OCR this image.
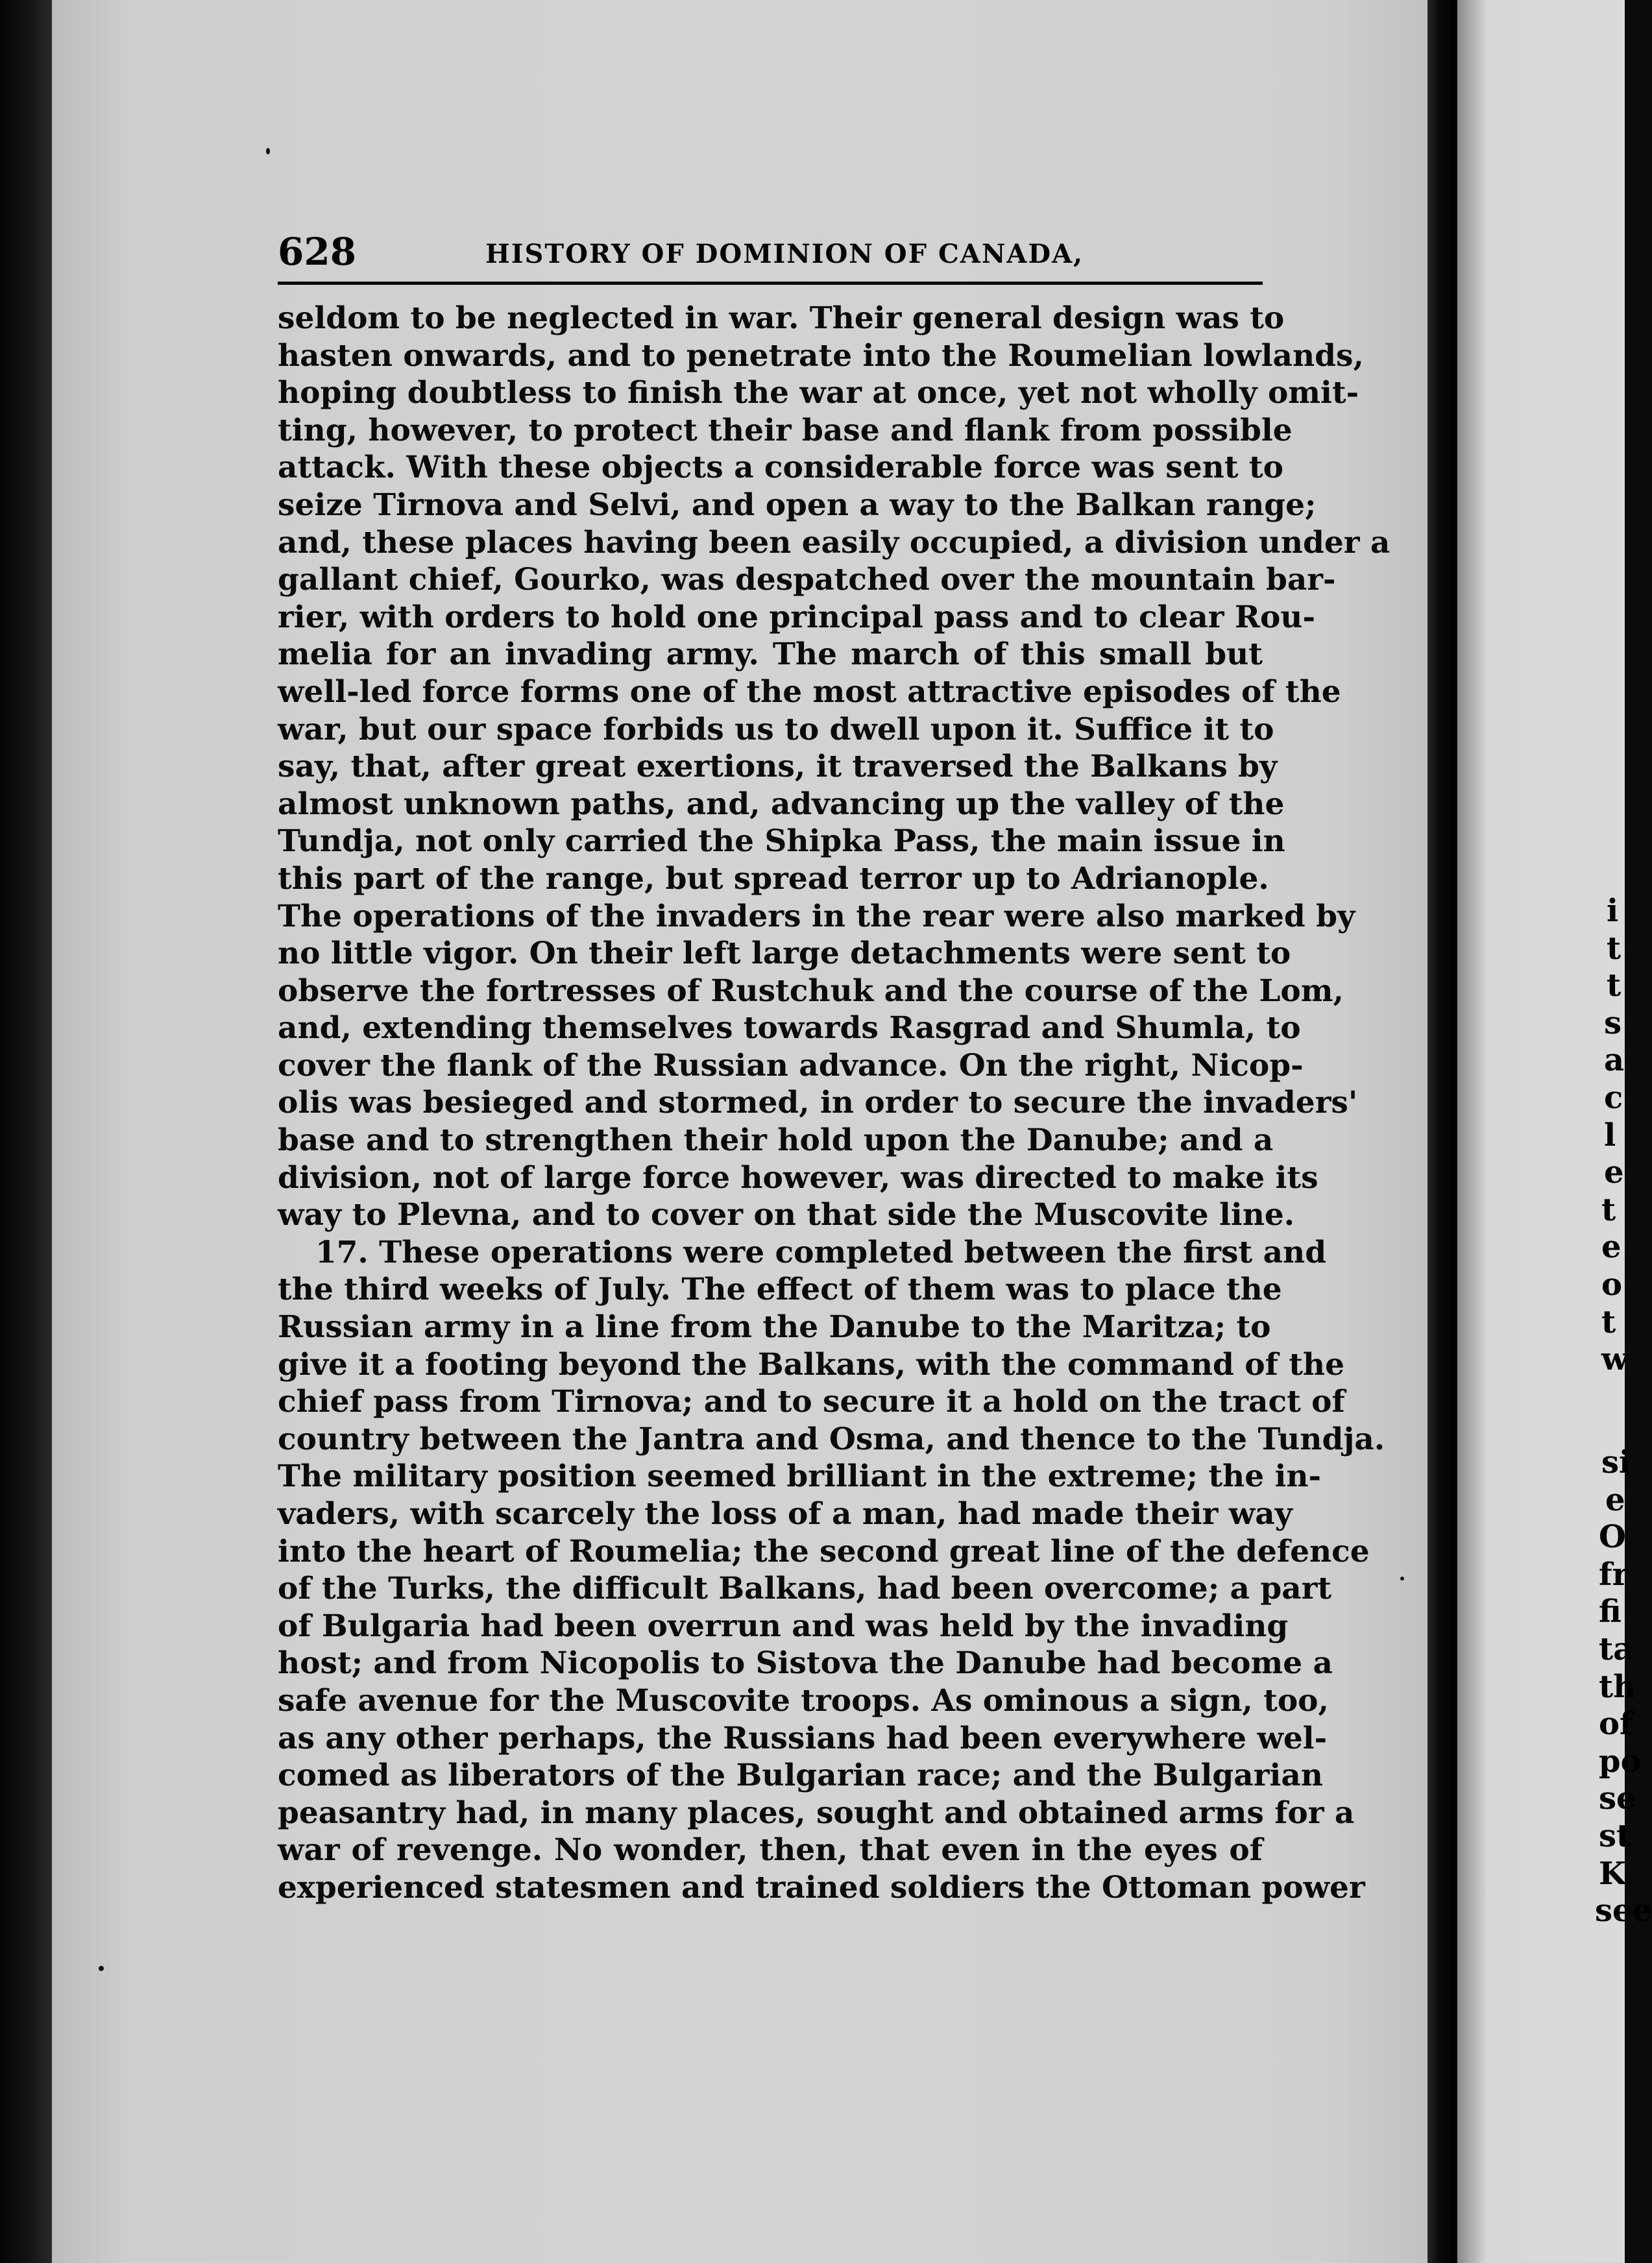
i
t
t
s
a
c
l
e
t
e
o
t
w
si
e
O
fr
fi
ta
th
of
po
se
st
K
see
628	HISTORY OF DOMINION OF CANADA,
seldom to be neglected in war. Their general design was to
hasten onwards, and to penetrate into the Roumelian lowlands,
hoping doubtless to finish the war at once, yet not wholly omit-
ting, however, to protect their base and flank from possible
attack. With these objects a considerable force was sent to
seize Tirnova and Selvi, and open a way to the Balkan range;
and, these places having been easily occupied, a division under a
gallant chief, Gourko, was despatched over the mountain bar-
rier, with orders to hold one principal pass and to clear Rou-
melia for an invading army. The march of this small but
well-led force forms one of the most attractive episodes of the
war, but our space forbids us to dwell upon it. Suffice it to
say, that, after great exertions, it traversed the Balkans by
almost unknown paths, and, advancing up the valley of the
Tundja, not only carried the Shipka Pass, the main issue in
this part of the range, but spread terror up to Adrianople.
The operations of the invaders in the rear were also marked by
no little vigor. On their left large detachments were sent to
observe the fortresses of Rustchuk and the course of the Lom,
and, extending themselves towards Rasgrad and Shumla, to
cover the flank of the Russian advance. On the right, Nicop-
olis was besieged and stormed, in order to secure the invaders'
base and to strengthen their hold upon the Danube; and a
division, not of large force however, was directed to make its
way to Plevna, and to cover on that side the Muscovite line.
17. These operations were completed between the first and
the third weeks of July. The effect of them was to place the
Russian army in a line from the Danube to the Maritza; to
give it a footing beyond the Balkans, with the command of the
chief pass from Tirnova; and to secure it a hold on the tract of
country between the Jantra and Osma, and thence to the Tundja.
The military position seemed brilliant in the extreme; the in-
vaders, with scarcely the loss of a man, had made their way
into the heart of Roumelia; the second great line of the defence
of the Turks, the difficult Balkans, had been overcome; a part
of Bulgaria had been overrun and was held by the invading
host; and from Nicopolis to Sistova the Danube had become a
safe avenue for the Muscovite troops. As ominous a sign, too,
as any other perhaps, the Russians had been everywhere wel-
comed as liberators of the Bulgarian race; and the Bulgarian
peasantry had, in many places, sought and obtained arms for a
war of revenge. No wonder, then, that even in the eyes of
experienced statesmen and trained soldiers the Ottoman power
